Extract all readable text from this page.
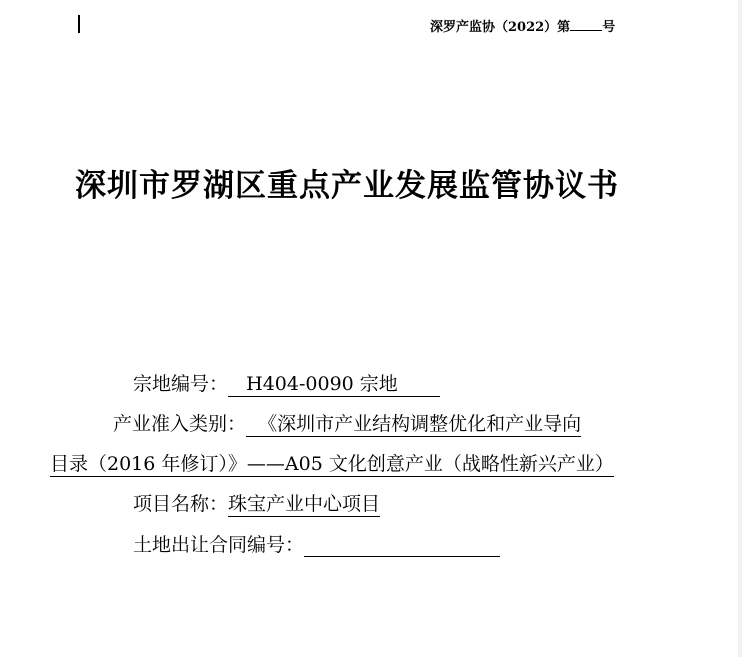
深罗产监协（2022）第 号
深圳市罗湖区重点产业发展监管协议书
宗地编号： H404-0090 宗地
产业准入类别： 《深圳市产业结构调整优化和产业导向
目录（2016 年修订）》——A05 文化创意产业（战略性新兴产业）
项目名称：珠宝产业中心项目
土地出让合同编号：
